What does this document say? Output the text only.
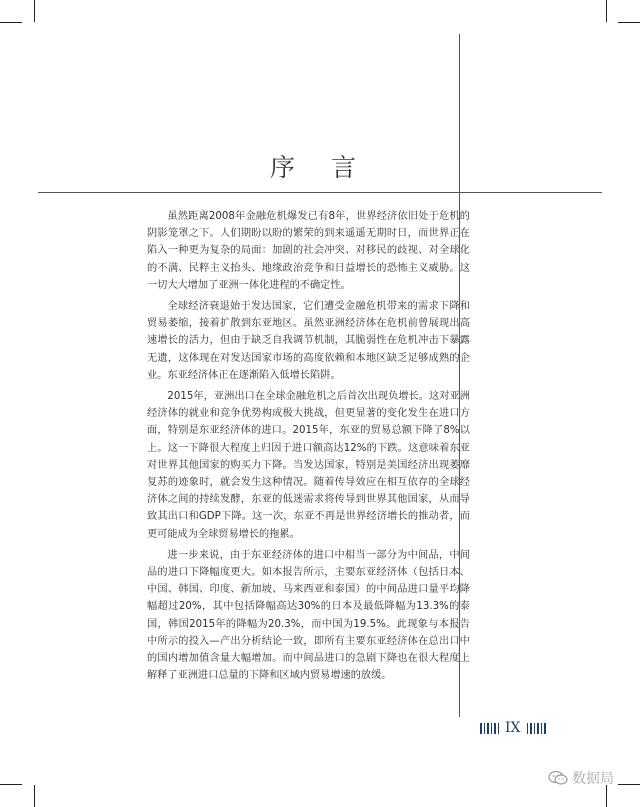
序 言

虽然距离2008年金融危机爆发已有8年，世界经济依旧处于危机的阴影笼罩之下。人们期盼以盼的繁荣的到来遥遥无期时日，而世界正在陷入一种更为复杂的局面：加剧的社会冲突、对移民的歧视、对全球化的不满、民粹主义抬头、地缘政治竞争和日益增长的恐怖主义威胁。这一切大大增加了亚洲一体化进程的不确定性。

全球经济衰退始于发达国家，它们遭受金融危机带来的需求下降和贸易萎缩，接着扩散到东亚地区。虽然亚洲经济体在危机前曾展现出高速增长的活力，但由于缺乏自我调节机制，其脆弱性在危机冲击下暴露无遗，这体现在对发达国家市场的高度依赖和本地区缺乏足够成熟的企业。东亚经济体正在逐渐陷入低增长陷阱。

2015年，亚洲出口在全球金融危机之后首次出现负增长。这对亚洲经济体的就业和竞争优势构成极大挑战，但更显著的变化发生在进口方面，特别是东亚经济体的进口。2015年，东亚的贸易总额下降了8%以上。这一下降很大程度上归因于进口额高达12%的下跌。这意味着东亚对世界其他国家的购买力下降。当发达国家，特别是美国经济出现萎靡复苏的迹象时，就会发生这种情况。随着传导效应在相互依存的全球经济体之间的持续发酵，东亚的低迷需求将传导到世界其他国家，从而导致其出口和GDP下降。这一次，东亚不再是世界经济增长的推动者，而更可能成为全球贸易增长的拖累。

进一步来说，由于东亚经济体的进口中相当一部分为中间品，中间品的进口下降幅度更大。如本报告所示，主要东亚经济体（包括日本、中国、韩国、印度、新加坡、马来西亚和泰国）的中间品进口量平均降幅超过20%，其中包括降幅高达30%的日本及最低降幅为13.3%的泰国，韩国2015年的降幅为20.3%，而中国为19.5%。此现象与本报告中所示的投入—产出分析结论一致，即所有主要东亚经济体在总出口中的国内增加值含量大幅增加。而中间品进口的急剧下降也在很大程度上解释了亚洲进口总量的下降和区域内贸易增速的放缓。

IX
数据局
